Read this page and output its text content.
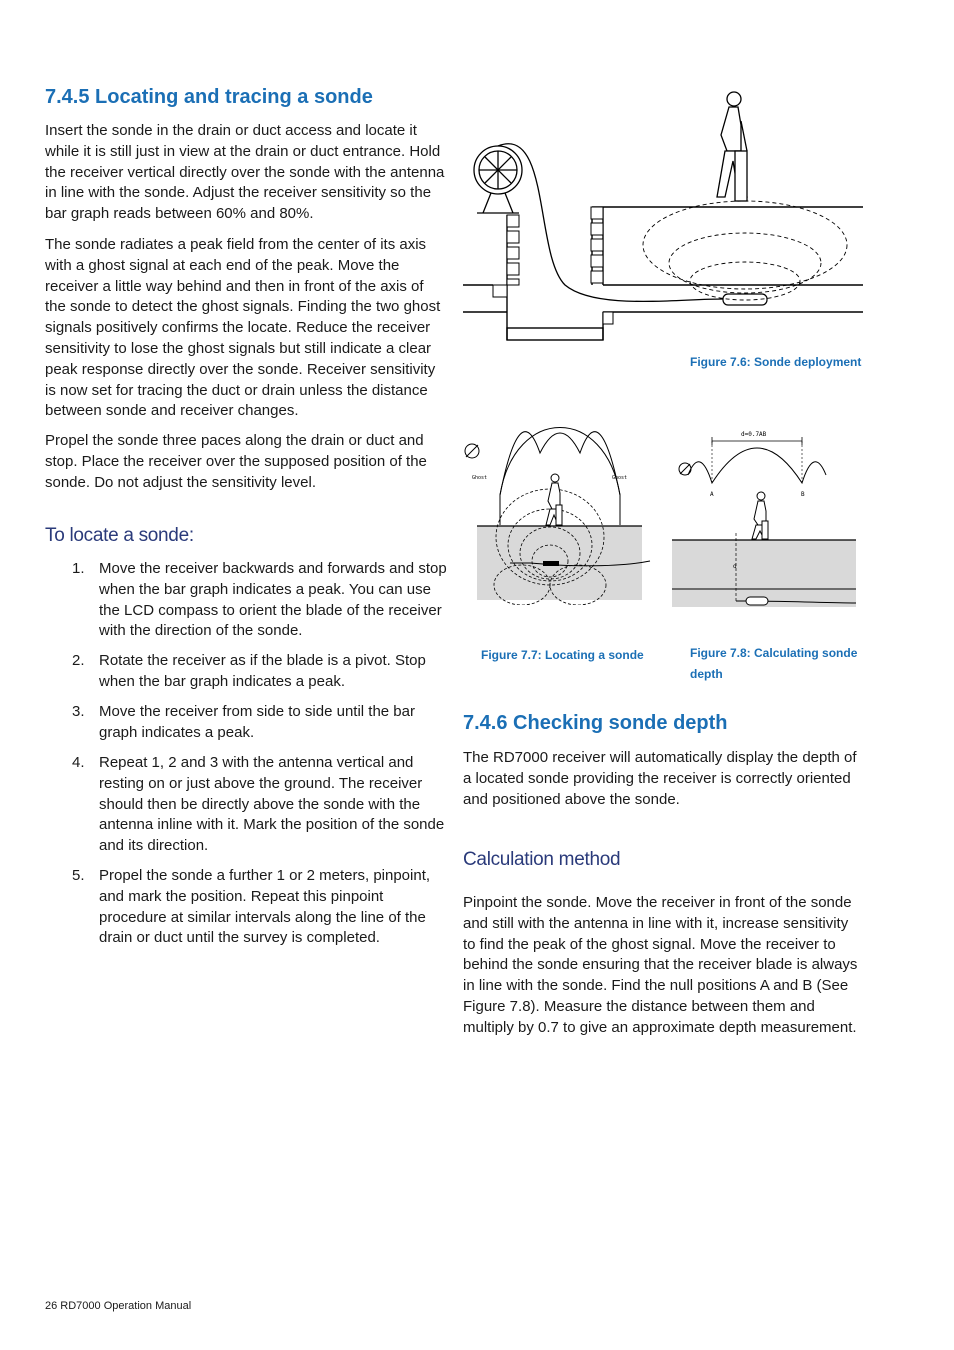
7.4.5 Locating and tracing a sonde

Insert the sonde in the drain or duct access and locate it while it is still just in view at the drain or duct entrance. Hold the receiver vertical directly over the sonde with the antenna in line with the sonde. Adjust the receiver sensitivity so the bar graph reads between 60% and 80%.

The sonde radiates a peak field from the center of its axis with a ghost signal at each end of the peak. Move the receiver a little way behind and then in front of the axis of the sonde to detect the ghost signals. Finding the two ghost signals positively confirms the locate. Reduce the receiver sensitivity to lose the ghost signals but still indicate a clear peak response directly over the sonde. Receiver sensitivity is now set for tracing the duct or drain unless the distance between sonde and receiver changes.

Propel the sonde three paces along the drain or duct and stop. Place the receiver over the supposed position of the sonde. Do not adjust the sensitivity level.

To locate a sonde:
1. Move the receiver backwards and forwards and stop when the bar graph indicates a peak. You can use the LCD compass to orient the blade of the receiver with the direction of the sonde.

2. Rotate the receiver as if the blade is a pivot. Stop when the bar graph indicates a peak.

3. Move the receiver from side to side until the bar graph indicates a peak.

4. Repeat 1, 2 and 3 with the antenna vertical and resting on or just above the ground. The receiver should then be directly above the sonde with the antenna inline with it. Mark the position of the sonde and its direction.

5. Propel the sonde a further 1 or 2 meters, pinpoint, and mark the position. Repeat this pinpoint procedure at similar intervals along the line of the drain or duct until the survey is completed.

Figure 7.6: Sonde deployment
Ghost	Ghost
Figure 7.7: Locating a sonde
d=0.7AB
A	B
d
Figure 7.8: Calculating sonde depth
7.4.6 Checking sonde depth

The RD7000 receiver will automatically display the depth of a located sonde providing the receiver is correctly oriented and positioned above the sonde.

Calculation method

Pinpoint the sonde. Move the receiver in front of the sonde and still with the antenna in line with it, increase sensitivity to find the peak of the ghost signal. Move the receiver to behind the sonde ensuring that the receiver blade is always in line with the sonde. Find the null positions A and B (See Figure 7.8). Measure the distance between them and multiply by 0.7 to give an approximate depth measurement.

26 RD7000 Operation Manual
